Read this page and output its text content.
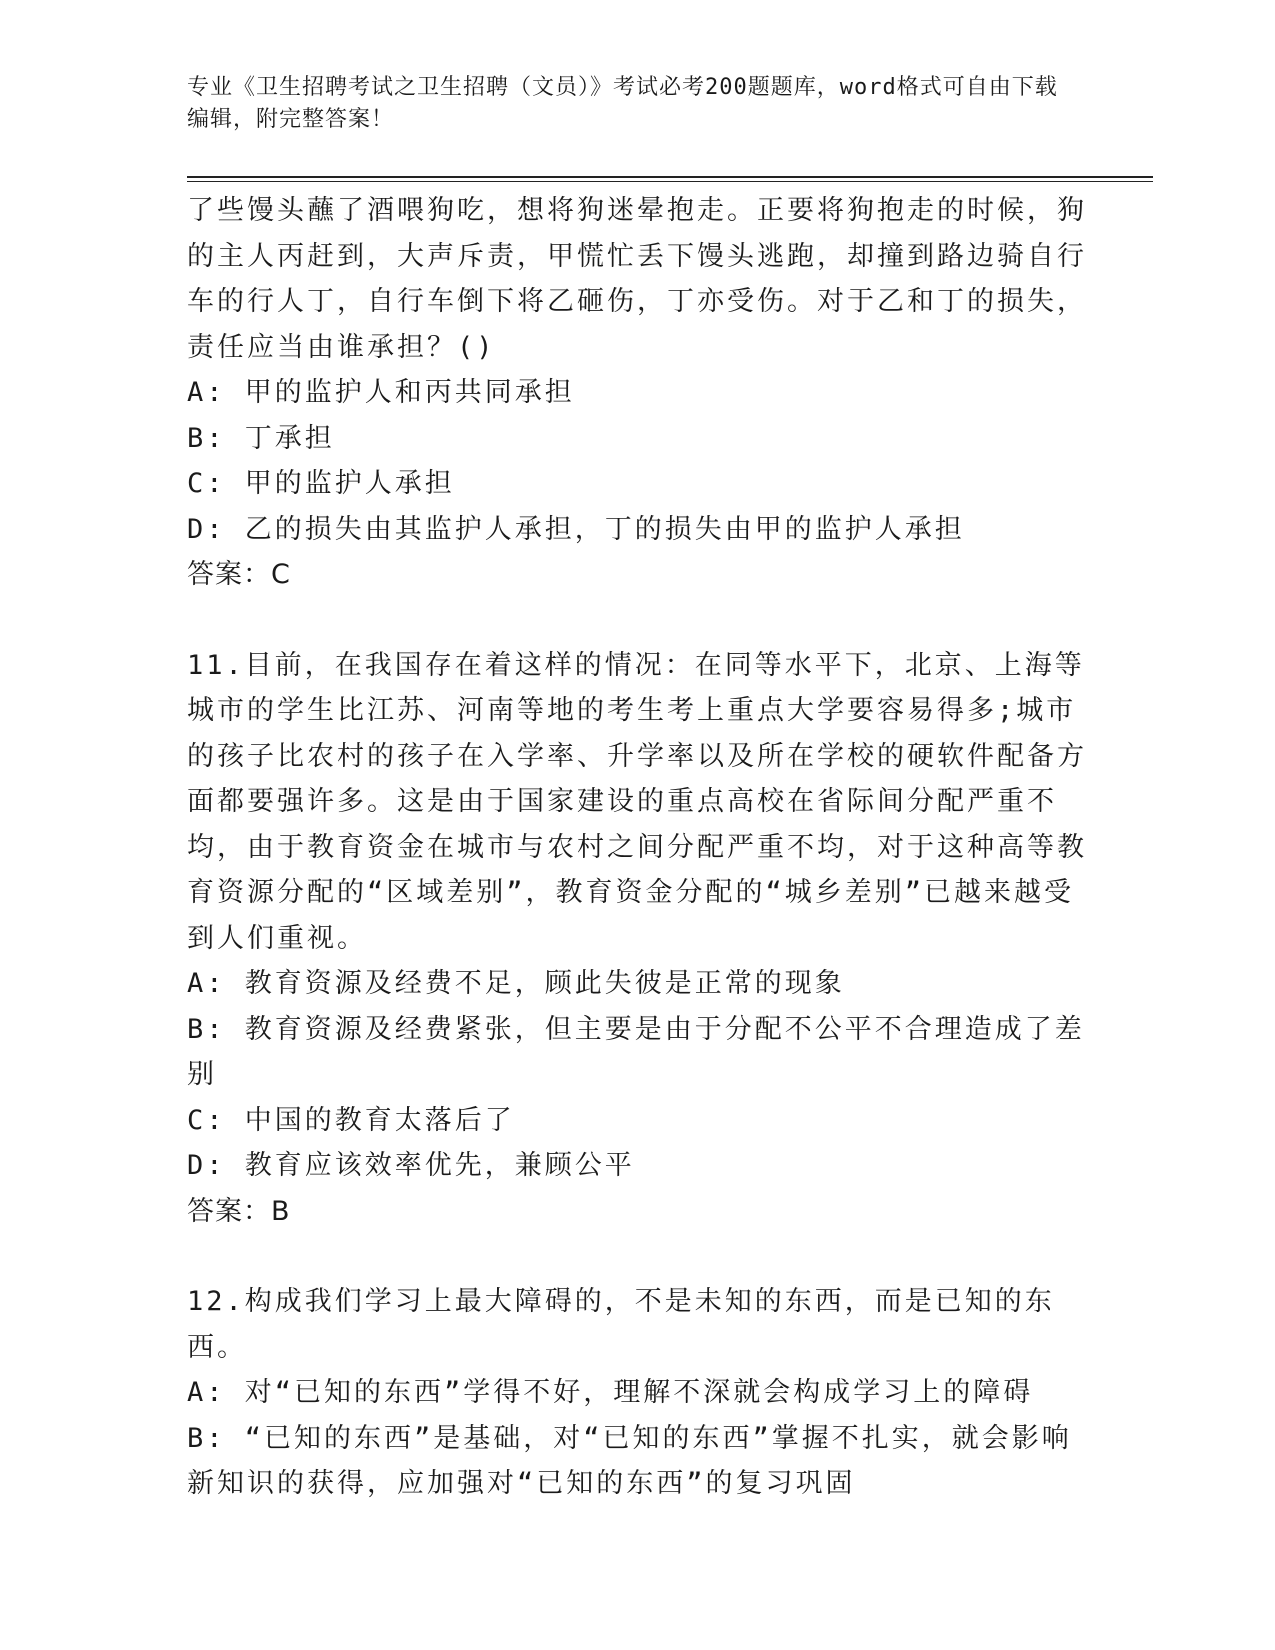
专业《卫生招聘考试之卫生招聘（文员）》考试必考200题题库，word格式可自由下载编辑，附完整答案！

了些馒头蘸了酒喂狗吃，想将狗迷晕抱走。正要将狗抱走的时候，狗的主人丙赶到，大声斥责，甲慌忙丢下馒头逃跑，却撞到路边骑自行车的行人丁，自行车倒下将乙砸伤，丁亦受伤。对于乙和丁的损失，责任应当由谁承担？()

A: 甲的监护人和丙共同承担

B: 丁承担

C: 甲的监护人承担

D: 乙的损失由其监护人承担，丁的损失由甲的监护人承担

答案：C

11.目前，在我国存在着这样的情况：在同等水平下，北京、上海等城市的学生比江苏、河南等地的考生考上重点大学要容易得多;城市的孩子比农村的孩子在入学率、升学率以及所在学校的硬软件配备方面都要强许多。这是由于国家建设的重点高校在省际间分配严重不均，由于教育资金在城市与农村之间分配严重不均，对于这种高等教育资源分配的“区域差别”，教育资金分配的“城乡差别”已越来越受到人们重视。

A: 教育资源及经费不足，顾此失彼是正常的现象

B: 教育资源及经费紧张，但主要是由于分配不公平不合理造成了差别

C: 中国的教育太落后了

D: 教育应该效率优先，兼顾公平

答案：B

12.构成我们学习上最大障碍的，不是未知的东西，而是已知的东西。

A: 对“已知的东西”学得不好，理解不深就会构成学习上的障碍

B: “已知的东西”是基础，对“已知的东西”掌握不扎实，就会影响新知识的获得，应加强对“已知的东西”的复习巩固
